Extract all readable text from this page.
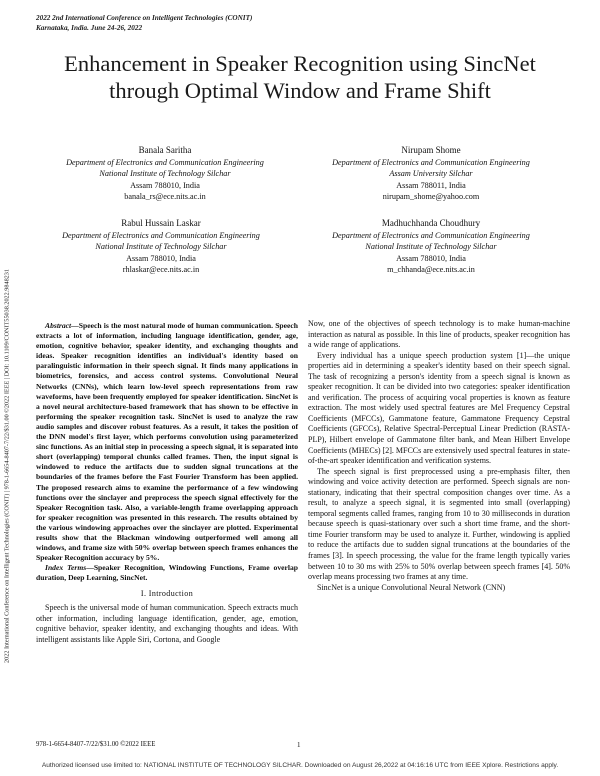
2022 2nd International Conference on Intelligent Technologies (CONIT)
Karnataka, India. June 24-26, 2022
Enhancement in Speaker Recognition using SincNet
through Optimal Window and Frame Shift
Banala Saritha
Department of Electronics and Communication Engineering
National Institute of Technology Silchar
Assam 788010, India
banala_rs@ece.nits.ac.in
Nirupam Shome
Department of Electronics and Communication Engineering
Assam University Silchar
Assam 788011, India
nirupam_shome@yahoo.com
Rabul Hussain Laskar
Department of Electronics and Communication Engineering
National Institute of Technology Silchar
Assam 788010, India
rhlaskar@ece.nits.ac.in
Madhuchhanda Choudhury
Department of Electronics and Communication Engineering
National Institute of Technology Silchar
Assam 788010, India
m_chhanda@ece.nits.ac.in
2022 International Conference on Intelligent Technologies (CONIT) | 978-1-6654-8407-7/22/$31.00 ©2022 IEEE | DOI: 10.1109/CONIT55038.2022.9848231	Abstract—Speech is the most natural mode of human communication. Speech extracts a lot of information, including language identification, gender, age, emotion, cognitive behavior, speaker identity, and exchanging thoughts and ideas. Speaker recognition identifies an individual's identity based on paralinguistic information in their speech signal. It finds many applications in biometrics, forensics, and access control systems. Convolutional Neural Networks (CNNs), which learn low-level speech representations from raw waveforms, have been frequently employed for speaker identification. SincNet is a novel neural architecture-based framework that has shown to be effective in performing the speaker recognition task. SincNet is used to analyze the raw audio samples and discover robust features. As a result, it takes the position of the DNN model's first layer, which performs convolution using parameterized sinc functions. As an initial step in processing a speech signal, it is separated into short (overlapping) temporal chunks called frames. Then, the input signal is windowed to reduce the artifacts due to sudden signal truncations at the boundaries of the frames before the Fast Fourier Transform has been applied. The proposed research aims to examine the performance of a few windowing functions over the sinclayer and preprocess the speech signal effectively for the Speaker Recognition task. Also, a variable-length frame overlapping approach for speaker recognition was presented in this research. The results obtained by the various windowing approaches over the sinclayer are plotted. Experimental results show that the Blackman windowing outperformed well among all windows, and frame size with 50% overlap between speech frames enhances the Speaker Recognition accuracy by 5%.

Index Terms—Speaker Recognition, Windowing Functions, Frame overlap duration, Deep Learning, SincNet.

I. Introduction

Speech is the universal mode of human communication. Speech extracts much other information, including language identification, gender, age, emotion, cognitive behavior, speaker identity, and exchanging thoughts and ideas. With intelligent assistants like Apple Siri, Cortona, and Google

Now, one of the objectives of speech technology is to make human-machine interaction as natural as possible. In this line of products, speaker recognition has a wide range of applications.

Every individual has a unique speech production system [1]—the unique properties aid in determining a speaker's identity based on their speech signal. The task of recognizing a person's identity from a speech signal is known as speaker recognition. It can be divided into two categories: speaker identification and verification. The process of acquiring vocal properties is known as feature extraction. The most widely used spectral features are Mel Frequency Cepstral Coefficients (MFCCs), Gammatone feature, Gammatone Frequency Cepstral Coefficients (GFCCs), Relative Spectral-Perceptual Linear Prediction (RASTA-PLP), Hilbert envelope of Gammatone filter bank, and Mean Hilbert Envelope Coefficients (MHECs) [2]. MFCCs are extensively used spectral features in state-of-the-art speaker identification and verification systems.

The speech signal is first preprocessed using a pre-emphasis filter, then windowing and voice activity detection are performed. Speech signals are non-stationary, indicating that their spectral composition changes over time. As a result, to analyze a speech signal, it is segmented into small (overlapping) temporal segments called frames, ranging from 10 to 30 milliseconds in duration because speech is quasi-stationary over such a short time frame, and the short-time Fourier transform may be used to analyze it. Further, windowing is applied to reduce the artifacts due to sudden signal truncations at the boundaries of the frames [3]. In speech processing, the value for the frame length typically varies between 10 to 30 ms with 25% to 50% overlap between speech frames [4]. 50% overlap means processing two frames at any time.

SincNet is a unique Convolutional Neural Network (CNN)

978-1-6654-8407-7/22/$31.00 ©2022 IEEE	1
Authorized licensed use limited to: NATIONAL INSTITUTE OF TECHNOLOGY SILCHAR. Downloaded on August 26,2022 at 04:16:16 UTC from IEEE Xplore. Restrictions apply.
